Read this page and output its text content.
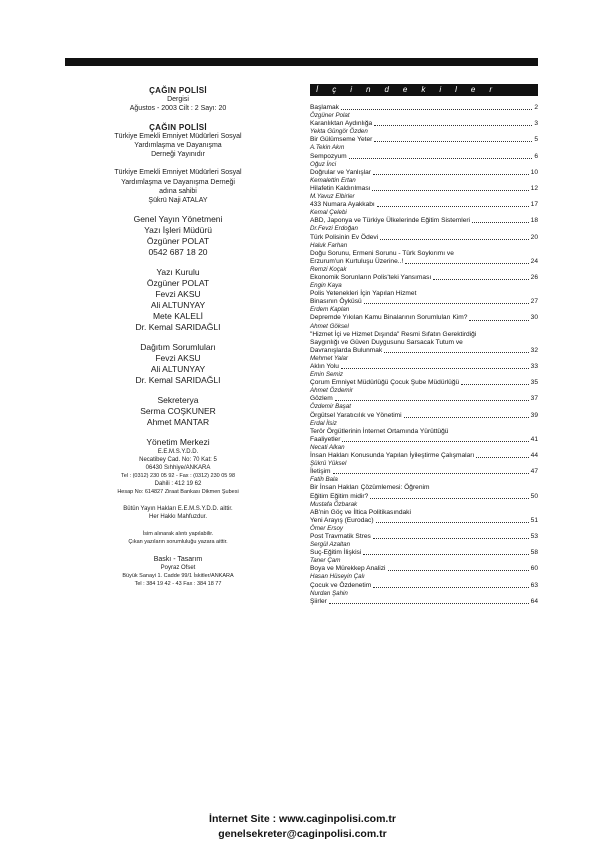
ÇAĞIN POLİSİ
Dergisi
Ağustos - 2003 Cilt : 2 Sayı: 20
ÇAĞIN POLİSİ
Türkiye Emekli Emniyet Müdürleri Sosyal
Yardımlaşma ve Dayanışma
Derneği Yayınıdır
Türkiye Emekli Emniyet Müdürleri Sosyal
Yardımlaşma ve Dayanışma Derneği
adına sahibi
Şükrü Naji ATALAY
Genel Yayın Yönetmeni
Yazı İşleri Müdürü
Özgüner POLAT
0542 687 18 20
Yazı Kurulu
Özgüner POLAT
Fevzi AKSU
Ali ALTUNYAY
Mete KALELİ
Dr. Kemal SARIDAĞLI
Dağıtım Sorumluları
Fevzi AKSU
Ali ALTUNYAY
Dr. Kemal SARIDAĞLI
Sekreterya
Serma COŞKUNER
Ahmet MANTAR
Yönetim Merkezi
E.E.M.S.Y.D.D.
Necatibey Cad. No: 70 Kat: 5
06430 Sıhhiye/ANKARA
Tel : (0312) 230 05 92 - Fax : (0312) 230 05 98
Dahili : 412 19 62
Hesap No: 614827 Ziraat Bankası Dikmen Şubesi
Bütün Yayın Hakları E.E.M.S.Y.D.D. aittir.
Her Hakkı Mahfuzdur.
İsim alınarak alıntı yapılabilir.
Çıkan yazıların sorumluluğu yazara aittir.
Baskı - Tasarım
Poyraz Ofset
Büyük Sanayi 1. Cadde 99/1 İskitler/ANKARA
Tel : 384 19 42 - 43 Fax : 384 18 77
İçindekiler
Başlamak	2
Özgüner Polat
Karanlıktan Aydınlığa	3
Yekta Güngör Özden
Bir Gülümseme Yeter	5
A.Tekin Akın
Sempozyum	6
Oğuz İnci
Doğrular ve Yanlışlar	10
Kemalettin Ertan
Hilafetin Kaldırılması	12
M.Yavuz Elbirler
433 Numara Ayakkabı	17
Kemal Çelebi
ABD, Japonya ve Türkiye Ülkelerinde Eğitim Sistemleri	18
Dr.Fevzi Erdoğan
Türk Polisinin Ev Ödevi	20
Haluk Farhan
Doğu Sorunu, Ermeni Sorunu - Türk Soykırımı ve
Erzurum'un Kurtuluşu Üzerine..!	24
Remzi Koçak
Ekonomik Sorunların Polis'teki Yansıması	26
Engin Kaya
Polis Yetenekleri İçin Yapılan Hizmet
Binasının Öyküsü	27
Erdem Kaplan
Depremde Yıkılan Kamu Binalarının Sorumluları Kim?	30
Ahmet Göksel
"Hizmet İçi ve Hizmet Dışında" Resmi Sıfatın Gerektirdiği
Saygınlığı ve Güven Duygusunu Sarsacak Tutum ve
Davranışlarda Bulunmak	32
Mehmet Yalar
Aklın Yolu	33
Emin Semiz
Çorum Emniyet Müdürlüğü Çocuk Şube Müdürlüğü	35
Ahmet Özdemir
Gözlem	37
Özdemir Başat
Örgütsel Yaratıcılık ve Yönetimi	39
Erdal İlsiz
Terör Örgütlerinin İnternet Ortamında Yürüttüğü
Faaliyetler	41
Necati Alkan
İnsan Hakları Konusunda Yapılan İyileştirme Çalışmaları	44
Şükrü Yüksel
İletişim	47
Fatih Bala
Bir İnsan Hakları Çözümlemesi: Öğrenim
Eğitim Eğitim midir?	50
Mustafa Özbarak
AB'nin Göç ve İltica Politikasındaki
Yeni Arayış (Eurodac)	51
Ömer Ersoy
Post Travmatik Stres	53
Sergül Azaltan
Suç-Eğitim İlişkisi	58
Taner Çam
Boya ve Mürekkep Analizi	60
Hasan Hüseyin Çalı
Çocuk ve Özdenetim	63
Nurdan Şahin
Şiirler	64
İnternet Site : www.caginpolisi.com.tr
genelsekreter@caginpolisi.com.tr
